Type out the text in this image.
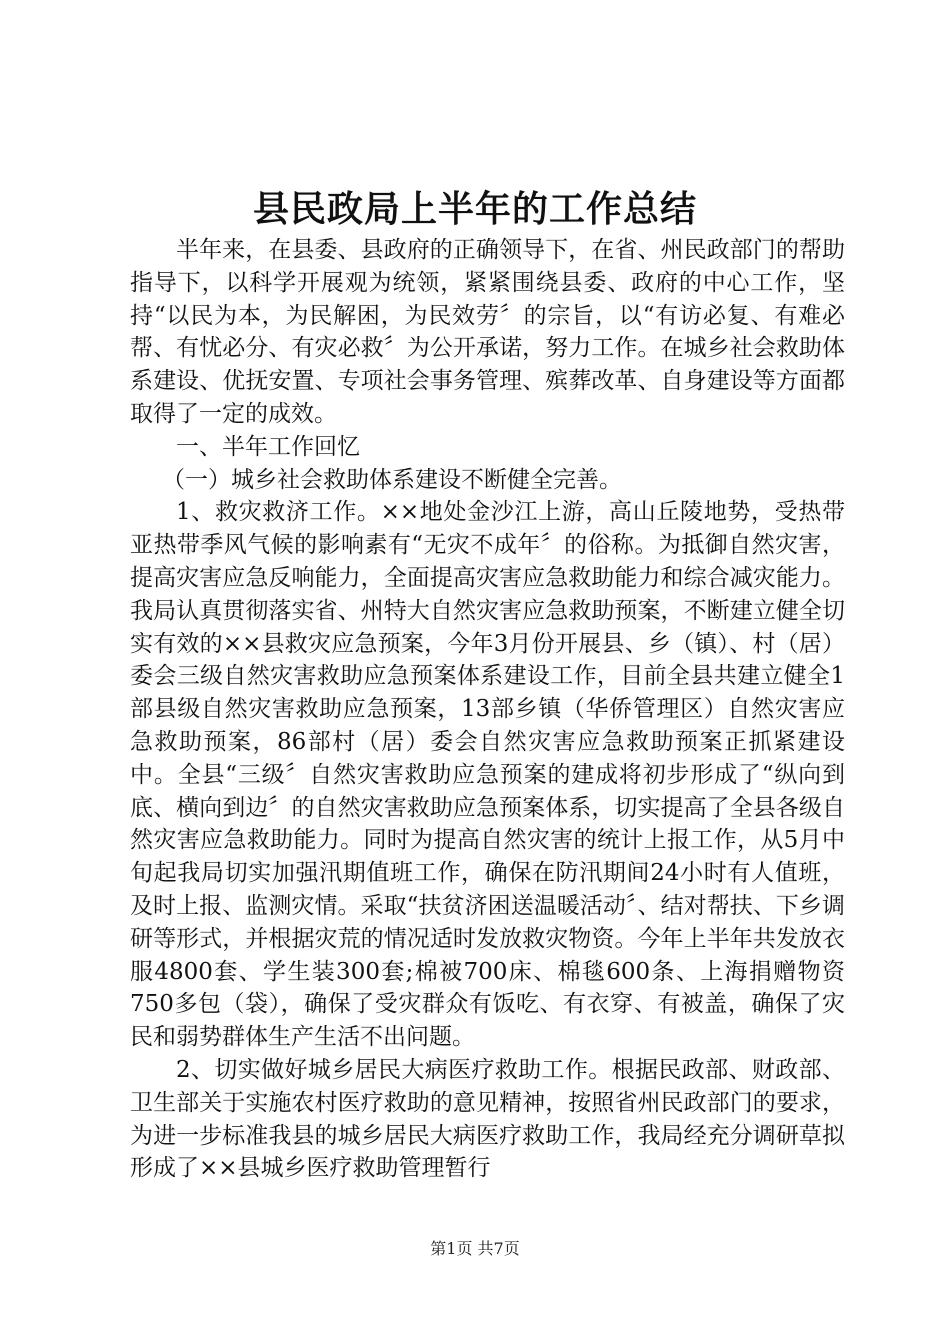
县民政局上半年的工作总结

半年来，在县委、县政府的正确领导下，在省、州民政部门的帮助指导下，以科学开展观为统领，紧紧围绕县委、政府的中心工作，坚持“以民为本，为民解困，为民效劳〞的宗旨，以“有访必复、有难必帮、有忧必分、有灾必救〞为公开承诺，努力工作。在城乡社会救助体系建设、优抚安置、专项社会事务管理、殡葬改革、自身建设等方面都取得了一定的成效。

一、半年工作回忆

（一）城乡社会救助体系建设不断健全完善。

1、救灾救济工作。××地处金沙江上游，高山丘陵地势，受热带亚热带季风气候的影响素有“无灾不成年〞的俗称。为抵御自然灾害，提高灾害应急反响能力，全面提高灾害应急救助能力和综合减灾能力。我局认真贯彻落实省、州特大自然灾害应急救助预案，不断建立健全切实有效的××县救灾应急预案，今年3月份开展县、乡（镇）、村（居）委会三级自然灾害救助应急预案体系建设工作，目前全县共建立健全1部县级自然灾害救助应急预案，13部乡镇（华侨管理区）自然灾害应急救助预案，86部村（居）委会自然灾害应急救助预案正抓紧建设中。全县“三级〞自然灾害救助应急预案的建成将初步形成了“纵向到底、横向到边〞的自然灾害救助应急预案体系，切实提高了全县各级自然灾害应急救助能力。同时为提高自然灾害的统计上报工作，从5月中旬起我局切实加强汛期值班工作，确保在防汛期间24小时有人值班，及时上报、监测灾情。采取“扶贫济困送温暖活动〞、结对帮扶、下乡调研等形式，并根据灾荒的情况适时发放救灾物资。今年上半年共发放衣服4800套、学生装300套;棉被700床、棉毯600条、上海捐赠物资750多包（袋），确保了受灾群众有饭吃、有衣穿、有被盖，确保了灾民和弱势群体生产生活不出问题。

2、切实做好城乡居民大病医疗救助工作。根据民政部、财政部、卫生部关于实施农村医疗救助的意见精神，按照省州民政部门的要求，为进一步标准我县的城乡居民大病医疗救助工作，我局经充分调研草拟形成了××县城乡医疗救助管理暂行

第1页 共7页
